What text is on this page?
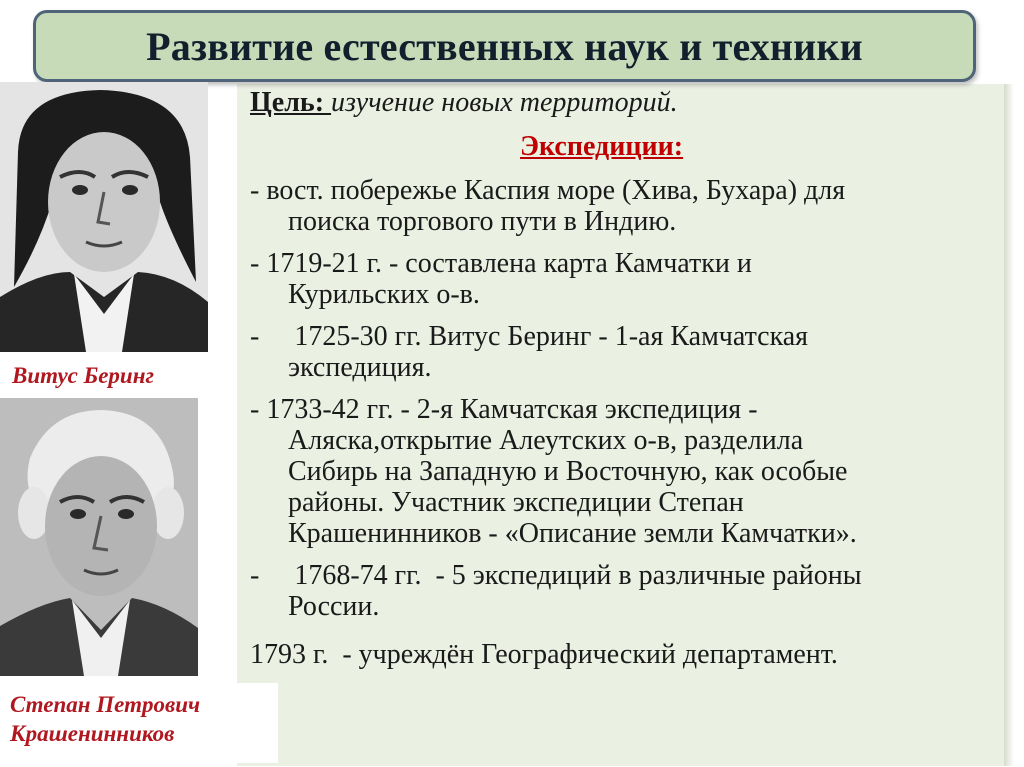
Развитие естественных наук и техники
Витус Беринг
Степан Петрович
Крашенинников
Цель: изучение новых территорий.
Экспедиции:
- вост. побережье Каспия море (Хива, Бухара) для
поиска торгового пути в Индию.
- 1719-21 г. - составлена карта Камчатки и
Курильских о-в.
-     1725-30 гг. Витус Беринг - 1-ая Камчатская
экспедиция.
- 1733-42 гг. - 2-я Камчатская экспедиция -
Аляска,открытие Алеутских о-в, разделила
Сибирь на Западную и Восточную, как особые
районы. Участник экспедиции Степан
Крашенинников - «Описание земли Камчатки».
-     1768-74 гг.  - 5 экспедиций в различные районы
России.
1793 г.  - учреждён Географический департамент.
